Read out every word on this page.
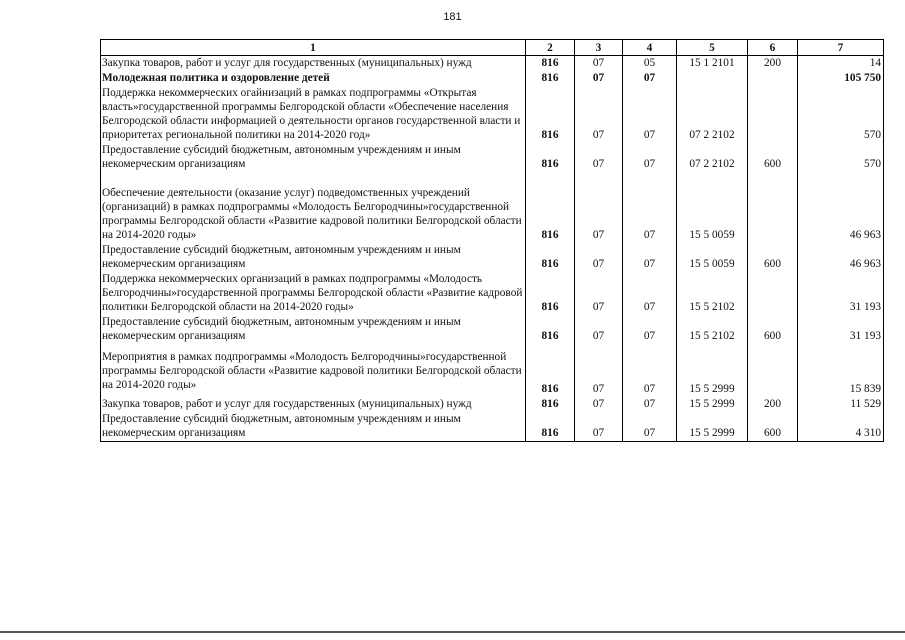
181
1	2	3	4	5	6	7
Закупка товаров, работ и услуг для государственных (муниципальных) нужд	816	07	05	15 1 2101	200	14
Молодежная политика и оздоровление детей	816	07	07			105 750
Поддержка некоммерческих огайнизаций в рамках подпрограммы «Открытая власть»государственной программы Белгородской области «Обеспечение населения Белгородской области информацией о деятельности органов государственной власти и приоритетах региональной политики на 2014-2020 год»	816	07	07	07 2 2102		570
Предоставление субсидий бюджетным, автономным учреждениям и иным некомерческим организациям	816	07	07	07 2 2102	600	570
Обеспечение деятельности (оказание услуг) подведомственных учреждений (организаций) в рамках подпрограммы «Молодость Белгородчины»государственной программы Белгородской области «Развитие кадровой политики Белгородской области на 2014-2020 годы»	816	07	07	15 5 0059		46 963
Предоставление субсидий бюджетным, автономным учреждениям и иным некомерческим организациям	816	07	07	15 5 0059	600	46 963
Поддержка некоммерческих организаций в рамках подпрограммы «Молодость Белгородчины»государственной программы Белгородской области «Развитие кадровой политики Белгородской области на 2014-2020 годы»	816	07	07	15 5 2102		31 193
Предоставление субсидий бюджетным, автономным учреждениям и иным некомерческим организациям	816	07	07	15 5 2102	600	31 193
Мероприятия в рамках подпрограммы «Молодость Белгородчины»государственной программы Белгородской области «Развитие кадровой политики Белгородской области на 2014-2020 годы»	816	07	07	15 5 2999		15 839
Закупка товаров, работ и услуг для государственных (муниципальных) нужд	816	07	07	15 5 2999	200	11 529
Предоставление субсидий бюджетным, автономным учреждениям и иным некомерческим организациям	816	07	07	15 5 2999	600	4 310
